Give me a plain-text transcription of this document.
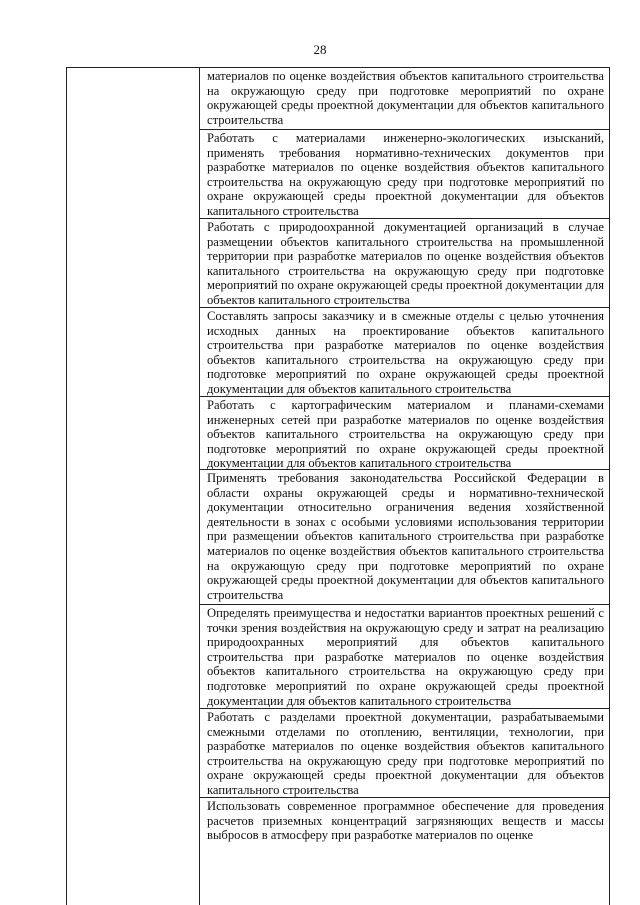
28
материалов по оценке воздействия объектов капитального строительства на окружающую среду при подготовке мероприятий по охране окружающей среды проектной документации для объектов капитального строительства
Работать с материалами инженерно-экологических изысканий, применять требования нормативно-технических документов при разработке материалов по оценке воздействия объектов капитального строительства на окружающую среду при подготовке мероприятий по охране окружающей среды проектной документации для объектов капитального строительства
Работать с природоохранной документацией организаций в случае размещении объектов капитального строительства на промышленной территории при разработке материалов по оценке воздействия объектов капитального строительства на окружающую среду при подготовке мероприятий по охране окружающей среды проектной документации для объектов капитального строительства
Составлять запросы заказчику и в смежные отделы с целью уточнения исходных данных на проектирование объектов капитального строительства при разработке материалов по оценке воздействия объектов капитального строительства на окружающую среду при подготовке мероприятий по охране окружающей среды проектной документации для объектов капитального строительства
Работать с картографическим материалом и планами-схемами инженерных сетей при разработке материалов по оценке воздействия объектов капитального строительства на окружающую среду при подготовке мероприятий по охране окружающей среды проектной документации для объектов капитального строительства
Применять требования законодательства Российской Федерации в области охраны окружающей среды и нормативно-технической документации относительно ограничения ведения хозяйственной деятельности в зонах с особыми условиями использования территории при размещении объектов капитального строительства при разработке материалов по оценке воздействия объектов капитального строительства на окружающую среду при подготовке мероприятий по охране окружающей среды проектной документации для объектов капитального строительства
Определять преимущества и недостатки вариантов проектных решений с точки зрения воздействия на окружающую среду и затрат на реализацию природоохранных мероприятий для объектов капитального строительства при разработке материалов по оценке воздействия объектов капитального строительства на окружающую среду при подготовке мероприятий по охране окружающей среды проектной документации для объектов капитального строительства
Работать с разделами проектной документации, разрабатываемыми смежными отделами по отоплению, вентиляции, технологии, при разработке материалов по оценке воздействия объектов капитального строительства на окружающую среду при подготовке мероприятий по охране окружающей среды проектной документации для объектов капитального строительства
Использовать современное программное обеспечение для проведения расчетов приземных концентраций загрязняющих веществ и массы выбросов в атмосферу при разработке материалов по оценке
